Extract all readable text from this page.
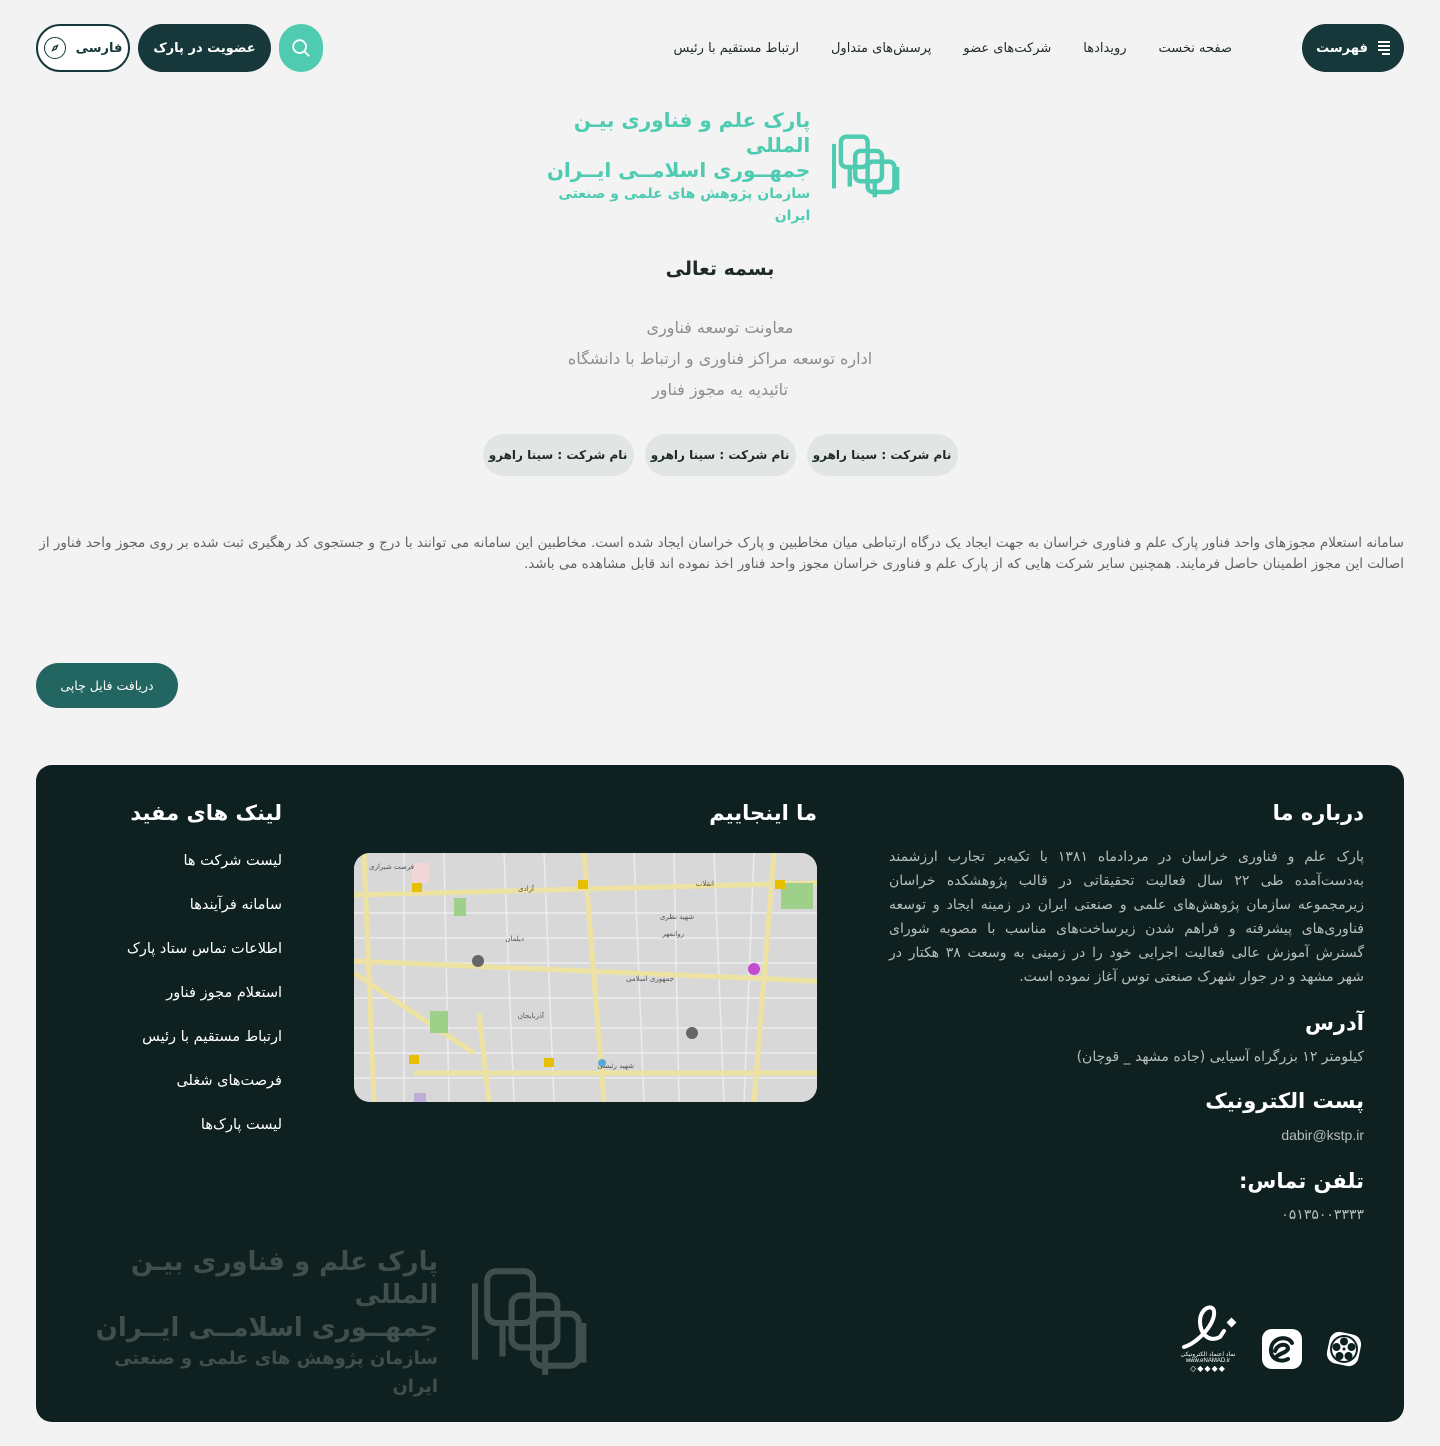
فهرست
صفحه نخست
رویدادها
شرکت‌های عضو
پرسش‌های متداول
ارتباط مستقیم با رئیس
عضویت در پارک
فارسی
پارک علم و فناوری بیـن المللی
جمهــوری اسلامــی ایــران
سازمان پژوهش های علمی و صنعتی ایران
بسمه تعالی
معاونت توسعه فناوری
اداره توسعه مراکز فناوری و ارتباط با دانشگاه
تائیدیه یه مجوز فناور
نام شرکت : سینا راهرو
نام شرکت : سینا راهرو
نام شرکت : سینا راهرو

سامانه استعلام مجوزهای واحد فناور پارک علم و فناوری خراسان به جهت ایجاد یک درگاه ارتباطی میان مخاطبین و پارک خراسان ایجاد شده است. مخاطبین این سامانه می توانند با درج و جستجوی کد رهگیری ثبت شده بر روی مجوز واحد فناور از اصالت این مجوز اطمینان حاصل فرمایند. همچنین سایر شرکت هایی که از پارک علم و فناوری خراسان مجوز واحد فناور اخذ نموده اند قابل مشاهده می باشد.

دریافت فایل چاپی
درباره ما

پارک علم و فناوری خراسان در مردادماه ۱۳۸۱ با تکیه‌بر تجارب ارزشمند به‌دست‌آمده طی ۲۲ سال فعالیت تحقیقاتی در قالب پژوهشکده خراسان زیرمجموعه سازمان پژوهش‌های علمی و صنعتی ایران در زمینه ایجاد و توسعه فناوری‌های پیشرفته و فراهم شدن زیرساخت‌های مناسب با مصوبه شورای گسترش آموزش عالی فعالیت اجرایی خود را در زمینی به وسعت ۳۸ هکتار در شهر مشهد و در جوار شهرک صنعتی توس آغاز نموده است.

آدرس

کیلومتر ۱۲ بزرگراه آسیایی (جاده مشهد _ قوچان)

پست الکترونیک

dabir@kstp.ir

تلفن تماس:

۰۵۱۳۵۰۰۳۳۳۳

ما اینجاییم
انقلاب
آزادی
جمهوری اسلامی
شهید رئیسی
شهید نظری
روانمهر
دیلمان
آذربایجان
فرصت شیرازی
لینک های مفید
لیست شرکت ها
سامانه فرآیندها
اطلاعات تماس ستاد پارک
استعلام مجوز فناور
ارتباط مستقیم با رئیس
فرصت‌های شغلی
لیست پارک‌ها
پارک علم و فناوری بیـن المللی
جمهــوری اسلامــی ایــران
سازمان پژوهش های علمی و صنعتی ایران
نماد اعتماد الکترونیکی
www.eNAMAD.ir
◆◆◆◆◇
